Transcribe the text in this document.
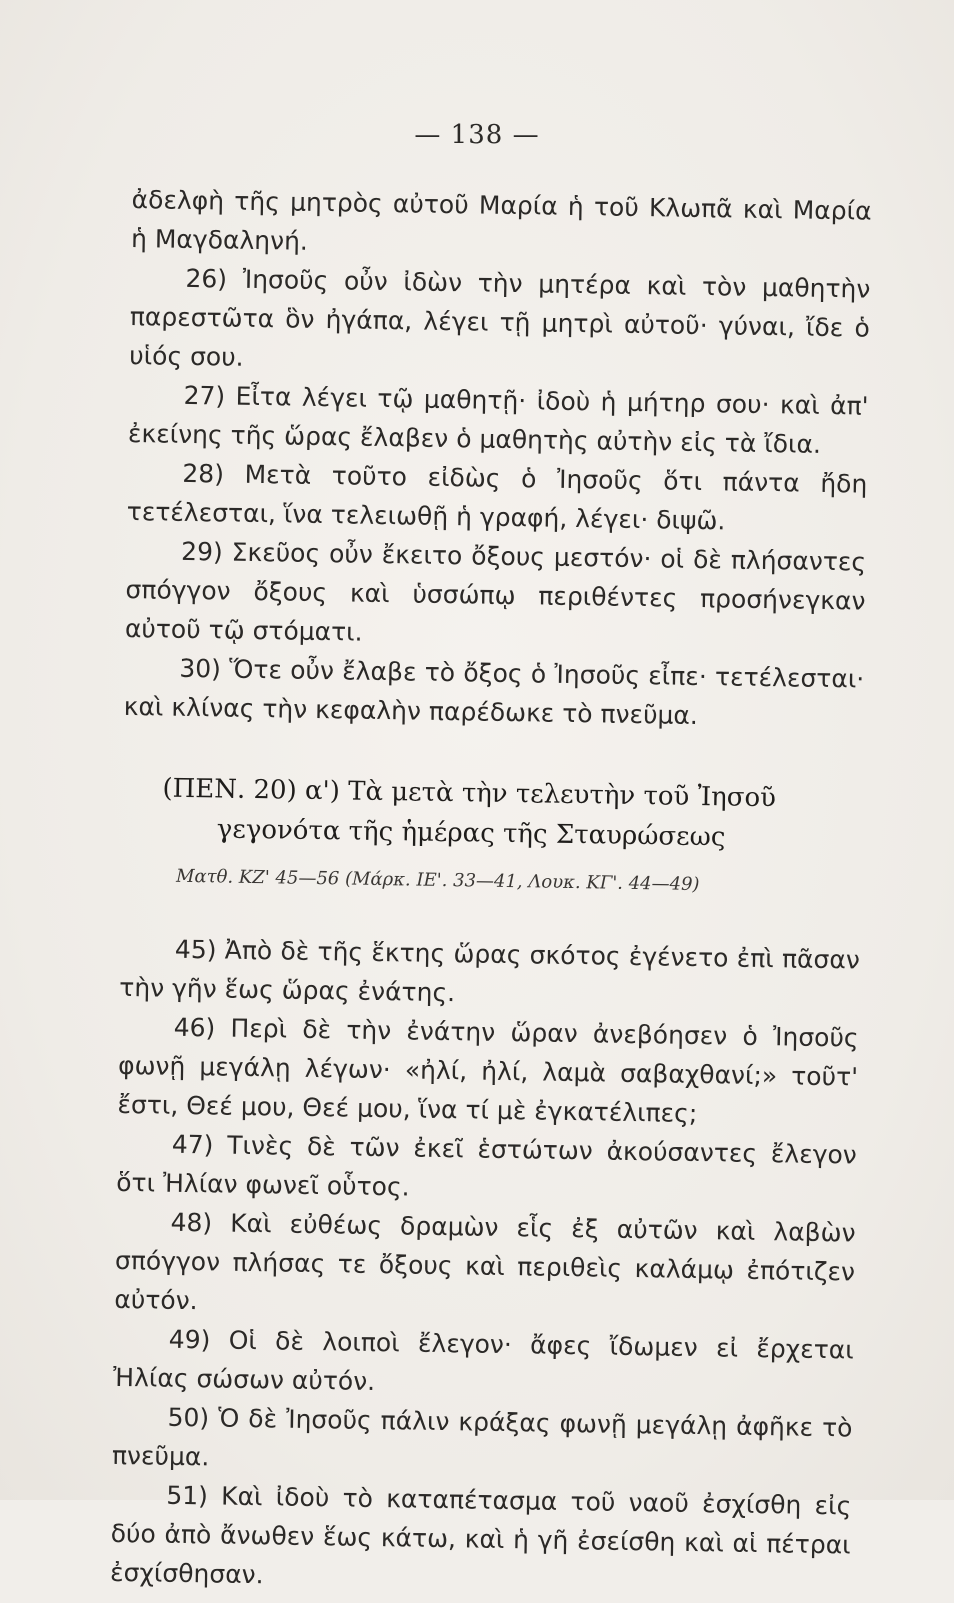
— 138 —

ἀδελφὴ τῆς μητρὸς αὐτοῦ Μαρία ἡ τοῦ Κλωπᾶ καὶ Μαρία ἡ Μαγδαληνή.

26) Ἰησοῦς οὖν ἰδὼν τὴν μητέρα καὶ τὸν μαθητὴν παρεστῶτα ὃν ἠγάπα, λέγει τῇ μητρὶ αὐτοῦ· γύναι, ἴδε ὁ υἱός σου.

27) Εἶτα λέγει τῷ μαθητῇ· ἰδοὺ ἡ μήτηρ σου· καὶ ἀπ' ἐκείνης τῆς ὥρας ἔλαβεν ὁ μαθητὴς αὐτὴν εἰς τὰ ἴδια.

28) Μετὰ τοῦτο εἰδὼς ὁ Ἰησοῦς ὅτι πάντα ἤδη τετέλεσται, ἵνα τελειωθῇ ἡ γραφή, λέγει· διψῶ.

29) Σκεῦος οὖν ἔκειτο ὄξους μεστόν· οἱ δὲ πλήσαντες σπόγγον ὄξους καὶ ὑσσώπῳ περιθέντες προσήνεγκαν αὐτοῦ τῷ στόματι.

30) Ὅτε οὖν ἔλαβε τὸ ὄξος ὁ Ἰησοῦς εἶπε· τετέλεσται· καὶ κλίνας τὴν κεφαλὴν παρέδωκε τὸ πνεῦμα.

(ΠΕΝ. 20) α') Τὰ μετὰ τὴν τελευτὴν τοῦ Ἰησοῦ
γεγονότα τῆς ἡμέρας τῆς Σταυρώσεως
Ματθ. ΚΖ' 45—56 (Μάρκ. ΙΕ'. 33—41, Λουκ. ΚΓ'. 44—49)

45) Ἀπὸ δὲ τῆς ἕκτης ὥρας σκότος ἐγένετο ἐπὶ πᾶσαν τὴν γῆν ἕως ὥρας ἐνάτης.

46) Περὶ δὲ τὴν ἐνάτην ὥραν ἀνεβόησεν ὁ Ἰησοῦς φωνῇ μεγάλῃ λέγων· «ἠλί, ἠλί, λαμὰ σαβαχθανί;» τοῦτ' ἔστι, Θεέ μου, Θεέ μου, ἵνα τί μὲ ἐγκατέλιπες;

47) Τινὲς δὲ τῶν ἐκεῖ ἑστώτων ἀκούσαντες ἔλεγον ὅτι Ἠλίαν φωνεῖ οὗτος.

48) Καὶ εὐθέως δραμὼν εἷς ἐξ αὐτῶν καὶ λαβὼν σπόγγον πλήσας τε ὄξους καὶ περιθεὶς καλάμῳ ἐπότιζεν αὐτόν.

49) Οἱ δὲ λοιποὶ ἔλεγον· ἄφες ἴδωμεν εἰ ἔρχεται Ἠλίας σώσων αὐτόν.

50) Ὁ δὲ Ἰησοῦς πάλιν κράξας φωνῇ μεγάλῃ ἀφῆκε τὸ πνεῦμα.

51) Καὶ ἰδοὺ τὸ καταπέτασμα τοῦ ναοῦ ἐσχίσθη εἰς δύο ἀπὸ ἄνωθεν ἕως κάτω, καὶ ἡ γῆ ἐσείσθη καὶ αἱ πέτραι ἐσχίσθησαν.
